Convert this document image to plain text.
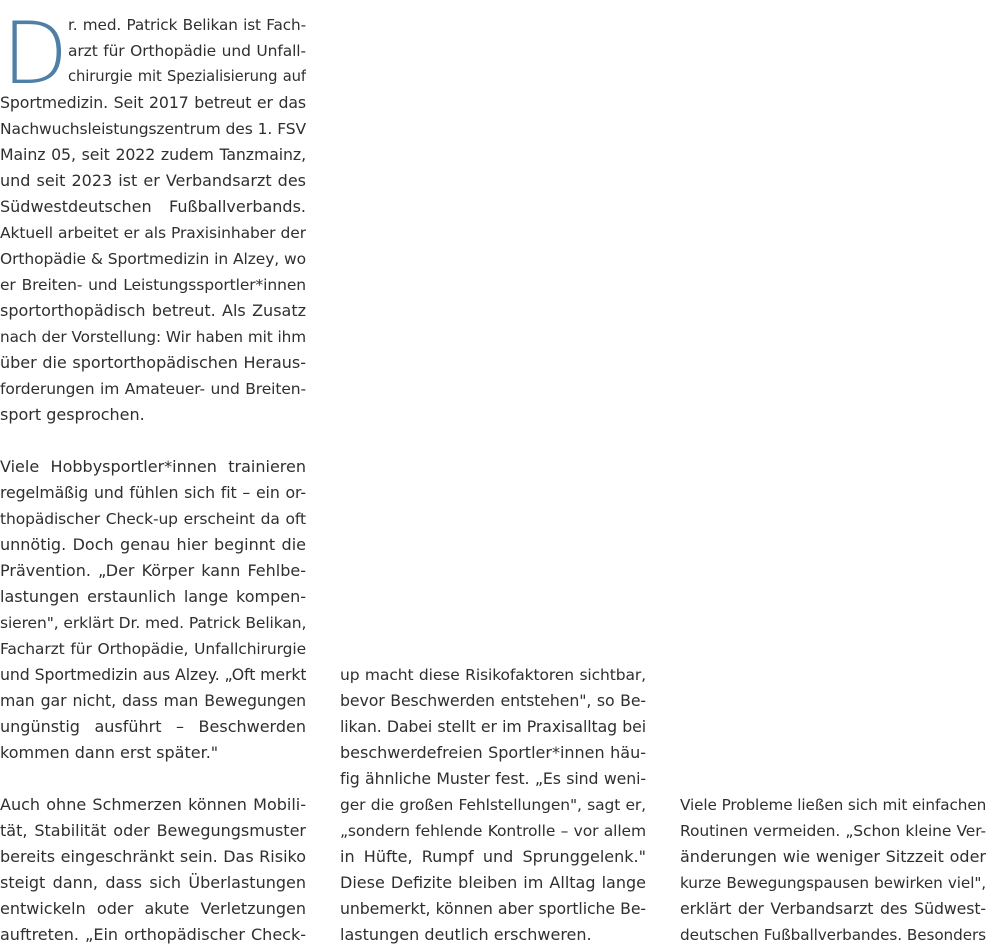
D r. med. Patrick Belikan ist Fach-
arzt für Orthopädie und Unfall-
chirurgie mit Spezialisierung auf
Sportmedizin. Seit 2017 betreut er das
Nachwuchsleistungszentrum des 1. FSV
Mainz 05, seit 2022 zudem Tanzmainz,
und seit 2023 ist er Verbandsarzt des
Südwestdeutschen Fußballverbands.
Aktuell arbeitet er als Praxisinhaber der
Orthopädie & Sportmedizin in Alzey, wo
er Breiten- und Leistungssportler*innen
sportorthopädisch betreut. Als Zusatz
nach der Vorstellung: Wir haben mit ihm
über die sportorthopädischen Heraus-
forderungen im Amateuer- und Breiten-
sport gesprochen.
Viele Hobbysportler*innen trainieren
regelmäßig und fühlen sich fit – ein or-
thopädischer Check-up erscheint da oft
unnötig. Doch genau hier beginnt die
Prävention. „Der Körper kann Fehlbe-
lastungen erstaunlich lange kompen-
sieren", erklärt Dr. med. Patrick Belikan,
Facharzt für Orthopädie, Unfallchirurgie
und Sportmedizin aus Alzey. „Oft merkt
man gar nicht, dass man Bewegungen
ungünstig ausführt – Beschwerden
kommen dann erst später."
Auch ohne Schmerzen können Mobili-
tät, Stabilität oder Bewegungsmuster
bereits eingeschränkt sein. Das Risiko
steigt dann, dass sich Überlastungen
entwickeln oder akute Verletzungen
auftreten. „Ein orthopädischer Check-
up macht diese Risikofaktoren sichtbar,
bevor Beschwerden entstehen", so Be-
likan. Dabei stellt er im Praxisalltag bei
beschwerdefreien Sportler*innen häu-
fig ähnliche Muster fest. „Es sind weni-
ger die großen Fehlstellungen", sagt er,
„sondern fehlende Kontrolle – vor allem
in Hüfte, Rumpf und Sprunggelenk."
Diese Defizite bleiben im Alltag lange
unbemerkt, können aber sportliche Be-
lastungen deutlich erschweren.
Viele Probleme ließen sich mit einfachen
Routinen vermeiden. „Schon kleine Ver-
änderungen wie weniger Sitzzeit oder
kurze Bewegungspausen bewirken viel",
erklärt der Verbandsarzt des Südwest-
deutschen Fußballverbandes. Besonders
